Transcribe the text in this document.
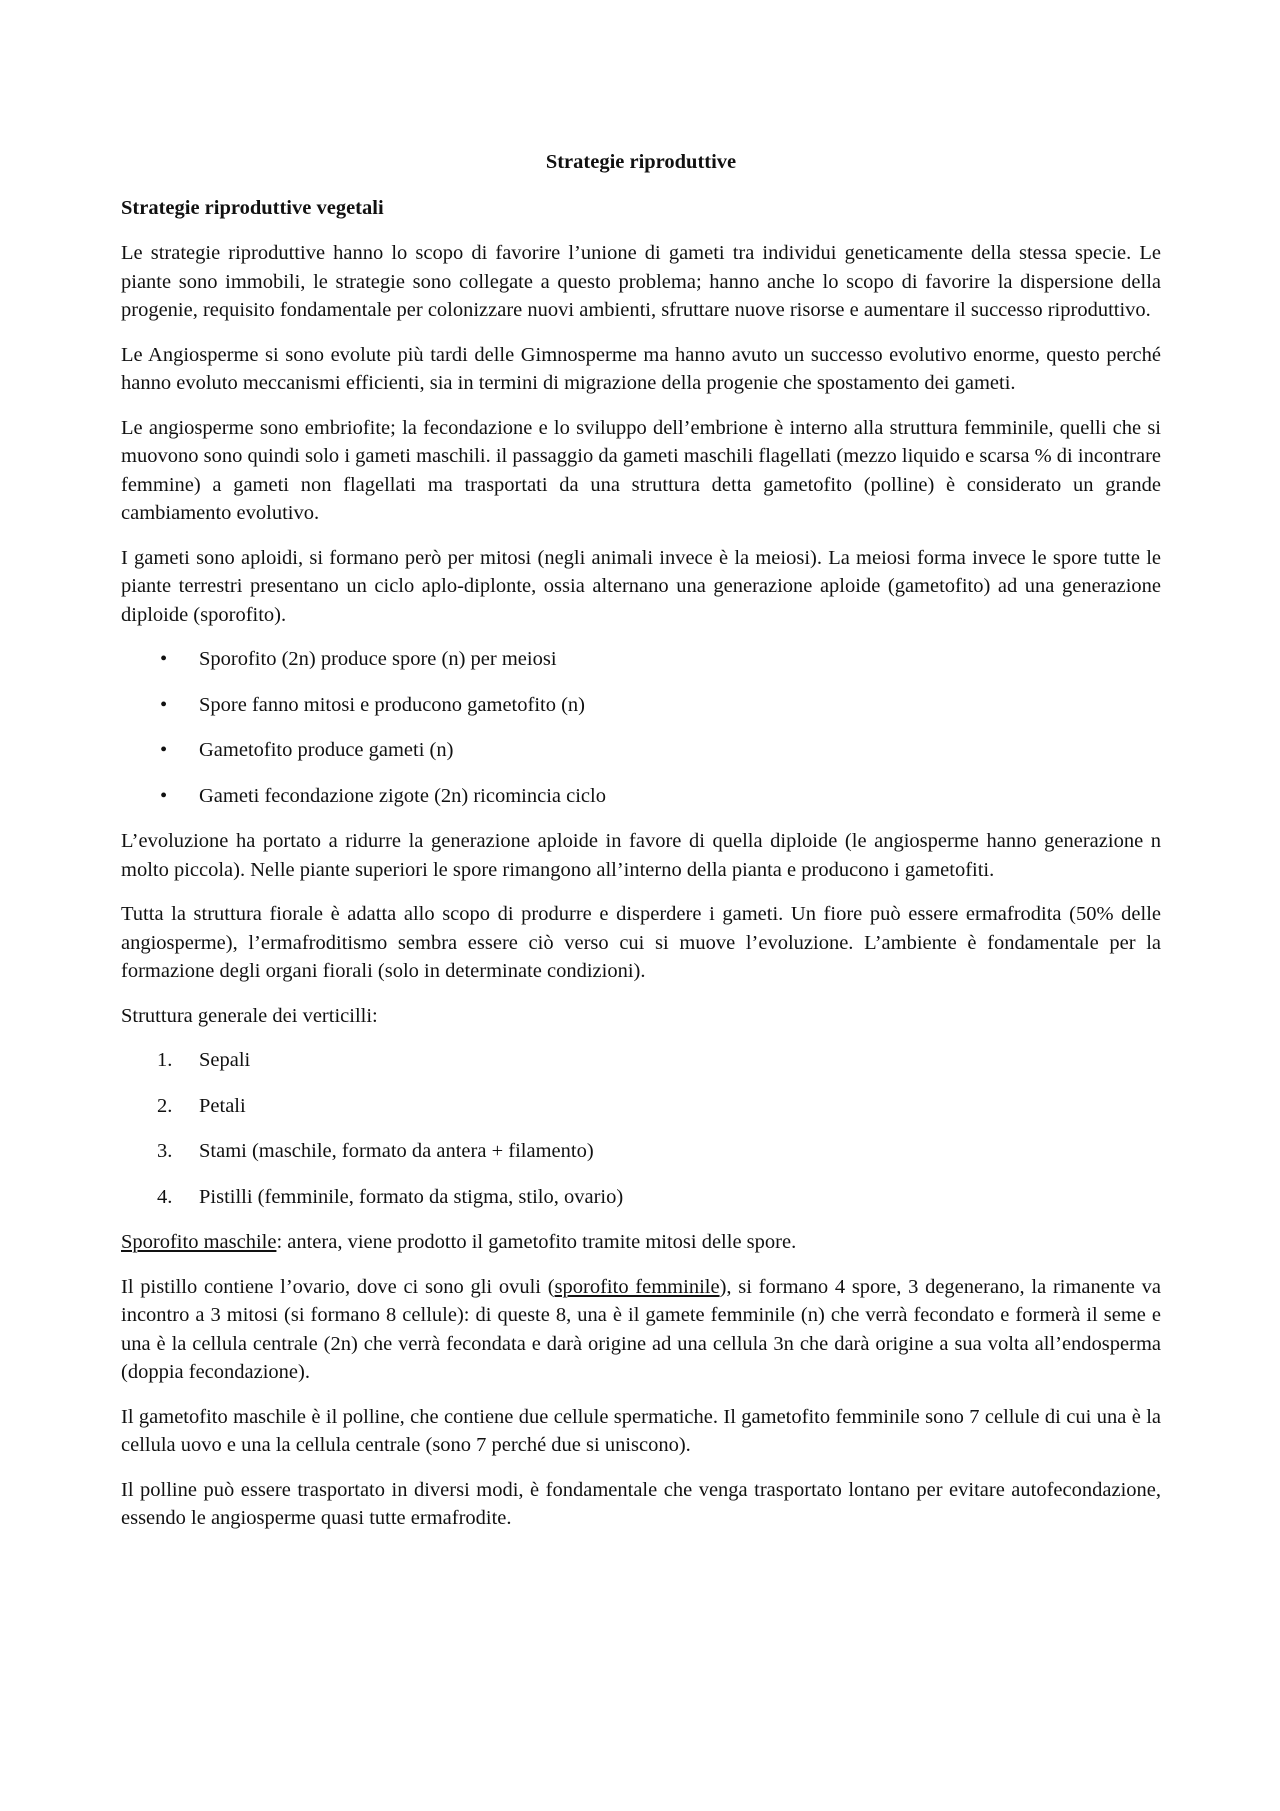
Strategie riproduttive
Strategie riproduttive vegetali

Le strategie riproduttive hanno lo scopo di favorire l’unione di gameti tra individui geneticamente della stessa specie. Le piante sono immobili, le strategie sono collegate a questo problema; hanno anche lo scopo di favorire la dispersione della progenie, requisito fondamentale per colonizzare nuovi ambienti, sfruttare nuove risorse e aumentare il successo riproduttivo.

Le Angiosperme si sono evolute più tardi delle Gimnosperme ma hanno avuto un successo evolutivo enorme, questo perché hanno evoluto meccanismi efficienti, sia in termini di migrazione della progenie che spostamento dei gameti.

Le angiosperme sono embriofite; la fecondazione e lo sviluppo dell’embrione è interno alla struttura femminile, quelli che si muovono sono quindi solo i gameti maschili. il passaggio da gameti maschili flagellati (mezzo liquido e scarsa % di incontrare femmine) a gameti non flagellati ma trasportati da una struttura detta gametofito (polline) è considerato un grande cambiamento evolutivo.

I gameti sono aploidi, si formano però per mitosi (negli animali invece è la meiosi). La meiosi forma invece le spore tutte le piante terrestri presentano un ciclo aplo-diplonte, ossia alternano una generazione aploide (gametofito) ad una generazione diploide (sporofito).

• Sporofito (2n) produce spore (n) per meiosi
• Spore fanno mitosi e producono gametofito (n)
• Gametofito produce gameti (n)
• Gameti fecondazione zigote (2n) ricomincia ciclo

L’evoluzione ha portato a ridurre la generazione aploide in favore di quella diploide (le angiosperme hanno generazione n molto piccola). Nelle piante superiori le spore rimangono all’interno della pianta e producono i gametofiti.

Tutta la struttura fiorale è adatta allo scopo di produrre e disperdere i gameti. Un fiore può essere ermafrodita (50% delle angiosperme), l’ermafroditismo sembra essere ciò verso cui si muove l’evoluzione. L’ambiente è fondamentale per la formazione degli organi fiorali (solo in determinate condizioni).

Struttura generale dei verticilli:

1. Sepali
2. Petali
3. Stami (maschile, formato da antera + filamento)
4. Pistilli (femminile, formato da stigma, stilo, ovario)

Sporofito maschile: antera, viene prodotto il gametofito tramite mitosi delle spore.

Il pistillo contiene l’ovario, dove ci sono gli ovuli (sporofito femminile), si formano 4 spore, 3 degenerano, la rimanente va incontro a 3 mitosi (si formano 8 cellule): di queste 8, una è il gamete femminile (n) che verrà fecondato e formerà il seme e una è la cellula centrale (2n) che verrà fecondata e darà origine ad una cellula 3n che darà origine a sua volta all’endosperma (doppia fecondazione).

Il gametofito maschile è il polline, che contiene due cellule spermatiche. Il gametofito femminile sono 7 cellule di cui una è la cellula uovo e una la cellula centrale (sono 7 perché due si uniscono).

Il polline può essere trasportato in diversi modi, è fondamentale che venga trasportato lontano per evitare autofecondazione, essendo le angiosperme quasi tutte ermafrodite.
